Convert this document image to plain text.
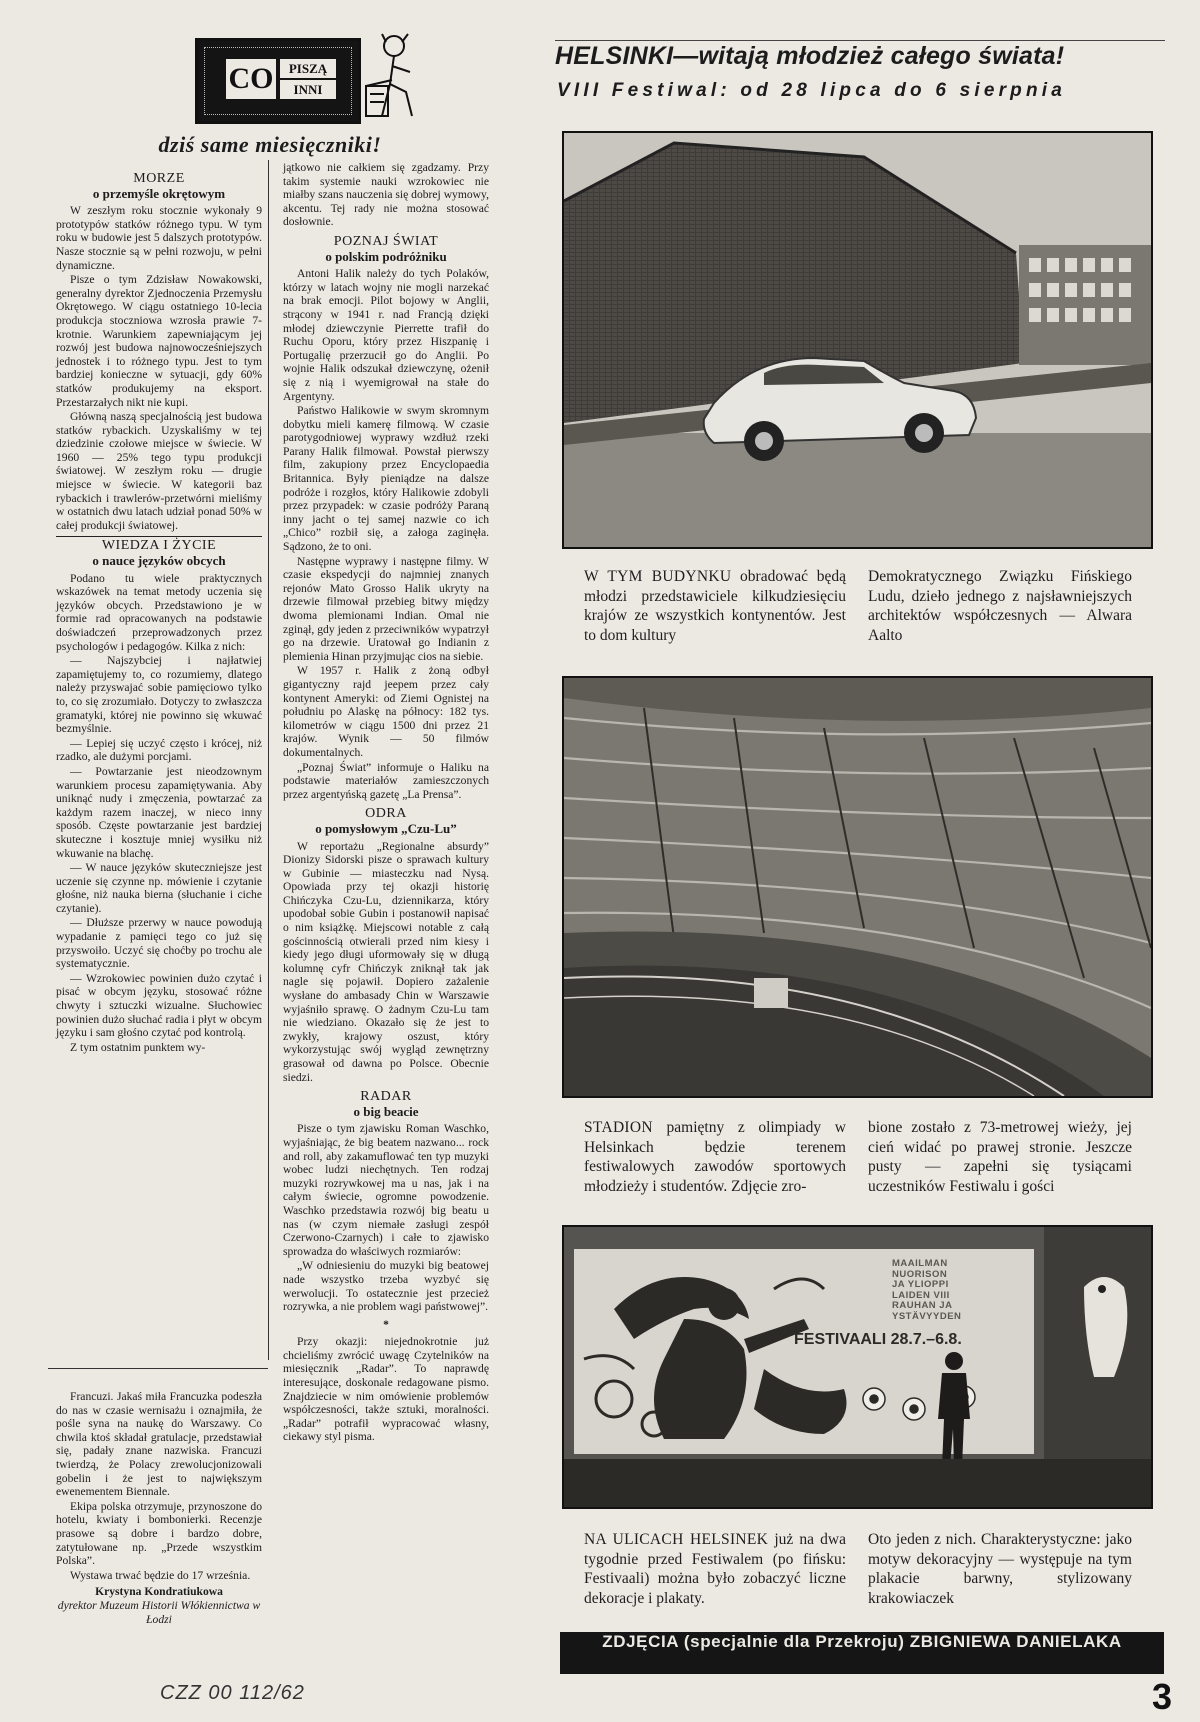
CO	PISZĄ
INNI
dziś same miesięczniki!
MORZE
o przemyśle okrętowym

W zeszłym roku stocznie wykonały 9 prototypów statków różnego typu. W tym roku w budowie jest 5 dalszych prototypów. Nasze stocznie są w pełni rozwoju, w pełni dynamiczne.

Pisze o tym Zdzisław Nowakowski, generalny dyrektor Zjednoczenia Przemysłu Okrętowego. W ciągu ostatniego 10-lecia produkcja stoczniowa wzrosła prawie 7-krotnie. Warunkiem zapewniającym jej rozwój jest budowa najnowocześniejszych jednostek i to różnego typu. Jest to tym bardziej konieczne w sytuacji, gdy 60% statków produkujemy na eksport. Przestarzałych nikt nie kupi.

Główną naszą specjalnością jest budowa statków rybackich. Uzyskaliśmy w tej dziedzinie czołowe miejsce w świecie. W 1960 — 25% tego typu produkcji światowej. W zeszłym roku — drugie miejsce w świecie. W kategorii baz rybackich i trawlerów-przetwórni mieliśmy w ostatnich dwu latach udział ponad 50% w całej produkcji światowej.

WIEDZA I ŻYCIE
o nauce języków obcych

Podano tu wiele praktycznych wskazówek na temat metody uczenia się języków obcych. Przedstawiono je w formie rad opracowanych na podstawie doświadczeń przeprowadzonych przez psychologów i pedagogów. Kilka z nich:

— Najszybciej i najłatwiej zapamiętujemy to, co rozumiemy, dlatego należy przyswajać sobie pamięciowo tylko to, co się zrozumiało. Dotyczy to zwłaszcza gramatyki, której nie powinno się wkuwać bezmyślnie.

— Lepiej się uczyć często i krócej, niż rzadko, ale dużymi porcjami.

— Powtarzanie jest nieodzownym warunkiem procesu zapamiętywania. Aby uniknąć nudy i zmęczenia, powtarzać za każdym razem inaczej, w nieco inny sposób. Częste powtarzanie jest bardziej skuteczne i kosztuje mniej wysiłku niż wkuwanie na blachę.

— W nauce języków skuteczniejsze jest uczenie się czynne np. mówienie i czytanie głośne, niż nauka bierna (słuchanie i ciche czytanie).

— Dłuższe przerwy w nauce powodują wypadanie z pamięci tego co już się przyswoiło. Uczyć się choćby po trochu ale systematycznie.

— Wzrokowiec powinien dużo czytać i pisać w obcym języku, stosować różne chwyty i sztuczki wizualne. Słuchowiec powinien dużo słuchać radia i płyt w obcym języku i sam głośno czytać pod kontrolą.

Z tym ostatnim punktem wy-

Francuzi. Jakaś miła Francuzka podeszła do nas w czasie wernisażu i oznajmiła, że pośle syna na naukę do Warszawy. Co chwila ktoś składał gratulacje, przedstawiał się, padały znane nazwiska. Francuzi twierdzą, że Polacy zrewolucjonizowali gobelin i że jest to największym ewenementem Biennale.

Ekipa polska otrzymuje, przynoszone do hotelu, kwiaty i bombonierki. Recenzje prasowe są dobre i bardzo dobre, zatytułowane np. „Przede wszystkim Polska”.

Wystawa trwać będzie do 17 września.

Krystyna Kondratiukowa
dyrektor Muzeum Historii Włókiennictwa w Łodzi
CZZ 00 112/62

jątkowo nie całkiem się zgadzamy. Przy takim systemie nauki wzrokowiec nie miałby szans nauczenia się dobrej wymowy, akcentu. Tej rady nie można stosować dosłownie.

POZNAJ ŚWIAT
o polskim podróżniku

Antoni Halik należy do tych Polaków, którzy w latach wojny nie mogli narzekać na brak emocji. Pilot bojowy w Anglii, strącony w 1941 r. nad Francją dzięki młodej dziewczynie Pierrette trafił do Ruchu Oporu, który przez Hiszpanię i Portugalię przerzucił go do Anglii. Po wojnie Halik odszukał dziewczynę, ożenił się z nią i wyemigrował na stałe do Argentyny.

Państwo Halikowie w swym skromnym dobytku mieli kamerę filmową. W czasie parotygodniowej wyprawy wzdłuż rzeki Parany Halik filmował. Powstał pierwszy film, zakupiony przez Encyclopaedia Britannica. Były pieniądze na dalsze podróże i rozgłos, który Halikowie zdobyli przez przypadek: w czasie podróży Paraną inny jacht o tej samej nazwie co ich „Chico” rozbił się, a załoga zaginęła. Sądzono, że to oni.

Następne wyprawy i następne filmy. W czasie ekspedycji do najmniej znanych rejonów Mato Grosso Halik ukryty na drzewie filmował przebieg bitwy między dwoma plemionami Indian. Omal nie zginął, gdy jeden z przeciwników wypatrzył go na drzewie. Uratował go Indianin z plemienia Hinan przyjmując cios na siebie.

W 1957 r. Halik z żoną odbył gigantyczny rajd jeepem przez cały kontynent Ameryki: od Ziemi Ognistej na południu po Alaskę na północy: 182 tys. kilometrów w ciągu 1500 dni przez 21 krajów. Wynik — 50 filmów dokumentalnych.

„Poznaj Świat” informuje o Haliku na podstawie materiałów zamieszczonych przez argentyńską gazetę „La Prensa”.

ODRA
o pomysłowym „Czu-Lu”

W reportażu „Regionalne absurdy” Dionizy Sidorski pisze o sprawach kultury w Gubinie — miasteczku nad Nysą. Opowiada przy tej okazji historię Chińczyka Czu-Lu, dziennikarza, który upodobał sobie Gubin i postanowił napisać o nim książkę. Miejscowi notable z całą gościnnością otwierali przed nim kiesy i kiedy jego długi uformowały się w długą kolumnę cyfr Chińczyk zniknął tak jak nagle się pojawił. Dopiero zażalenie wysłane do ambasady Chin w Warszawie wyjaśniło sprawę. O żadnym Czu-Lu tam nie wiedziano. Okazało się że jest to zwykły, krajowy oszust, który wykorzystując swój wygląd zewnętrzny grasował od dawna po Polsce. Obecnie siedzi.

RADAR
o big beacie

Pisze o tym zjawisku Roman Waschko, wyjaśniając, że big beatem nazwano... rock and roll, aby zakamuflować ten typ muzyki wobec ludzi niechętnych. Ten rodzaj muzyki rozrywkowej ma u nas, jak i na całym świecie, ogromne powodzenie. Waschko przedstawia rozwój big beatu u nas (w czym niemałe zasługi zespół Czerwono-Czarnych) i całe to zjawisko sprowadza do właściwych rozmiarów:

„W odniesieniu do muzyki big beatowej nade wszystko trzeba wyzbyć się werwolucji. To ostatecznie jest przecież rozrywka, a nie problem wagi państwowej”.

*

Przy okazji: niejednokrotnie już chcieliśmy zwrócić uwagę Czytelników na miesięcznik „Radar”. To naprawdę interesujące, doskonale redagowane pismo. Znajdziecie w nim omówienie problemów współczesności, także sztuki, moralności. „Radar” potrafił wypracować własny, ciekawy styl pisma.

HELSINKI—witają młodzież całego świata!
VIII Festiwal: od 28 lipca do 6 sierpnia
W TYM BUDYNKU obradować będą młodzi przedstawiciele kilkudziesięciu krajów ze wszystkich kontynentów. Jest to dom kultury
Demokratycznego Związku Fińskiego Ludu, dzieło jednego z najsławniejszych architektów współczesnych — Alwara Aalto
STADION pamiętny z olimpiady w Helsinkach będzie terenem festiwalowych zawodów sportowych młodzieży i studentów. Zdjęcie zro-
bione zostało z 73-metrowej wieży, jej cień widać po prawej stronie. Jeszcze pusty — zapełni się tysiącami uczestników Festiwalu i gości
MAAILMAN
NUORISON
JA YLIOPPI
LAIDEN VIII
RAUHAN JA
YSTÄVYYDEN
FESTIVAALI 28.7.–6.8.
NA ULICACH HELSINEK już na dwa tygodnie przed Festiwalem (po fińsku: Festivaali) można było zobaczyć liczne dekoracje i plakaty.
Oto jeden z nich. Charakterystyczne: jako motyw dekoracyjny — występuje na tym plakacie barwny, stylizowany krakowiaczek
ZDJĘCIA (specjalnie dla Przekroju) ZBIGNIEWA DANIELAKA
3
